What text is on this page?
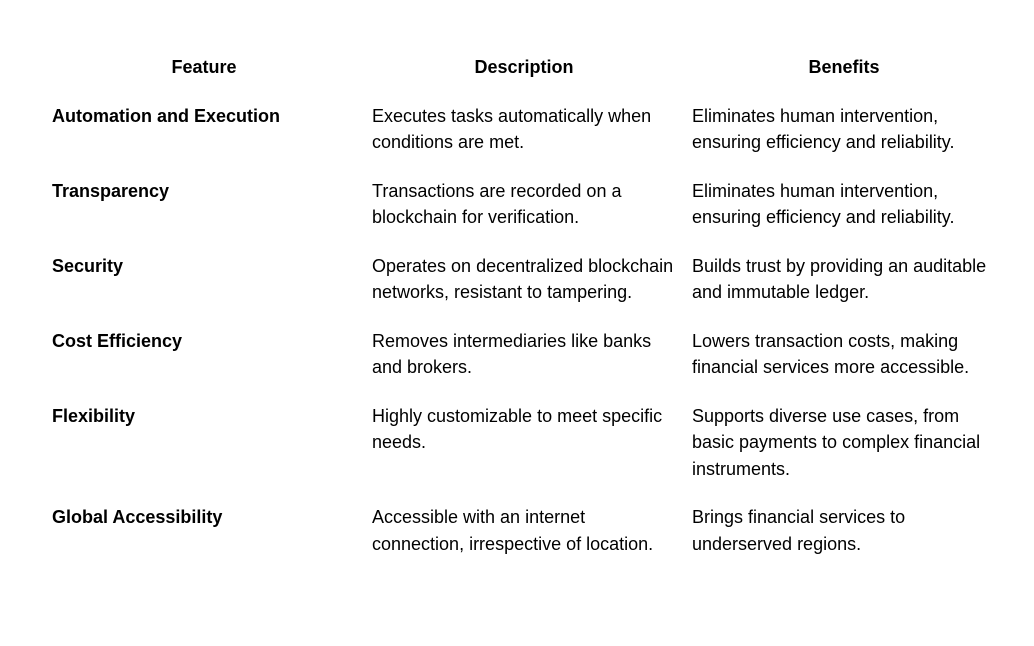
Feature	Description	Benefits
Automation and Execution	Executes tasks automatically when conditions are met.	Eliminates human intervention, ensuring efficiency and reliability.
Transparency	Transactions are recorded on a blockchain for verification.	Eliminates human intervention, ensuring efficiency and reliability.
Security	Operates on decentralized blockchain networks, resistant to tampering.	Builds trust by providing an auditable and immutable ledger.
Cost Efficiency	Removes intermediaries like banks and brokers.	Lowers transaction costs, making financial services more accessible.
Flexibility	Highly customizable to meet specific needs.	Supports diverse use cases, from basic payments to complex financial instruments.
Global Accessibility	Accessible with an internet connection, irrespective of location.	Brings financial services to underserved regions.
